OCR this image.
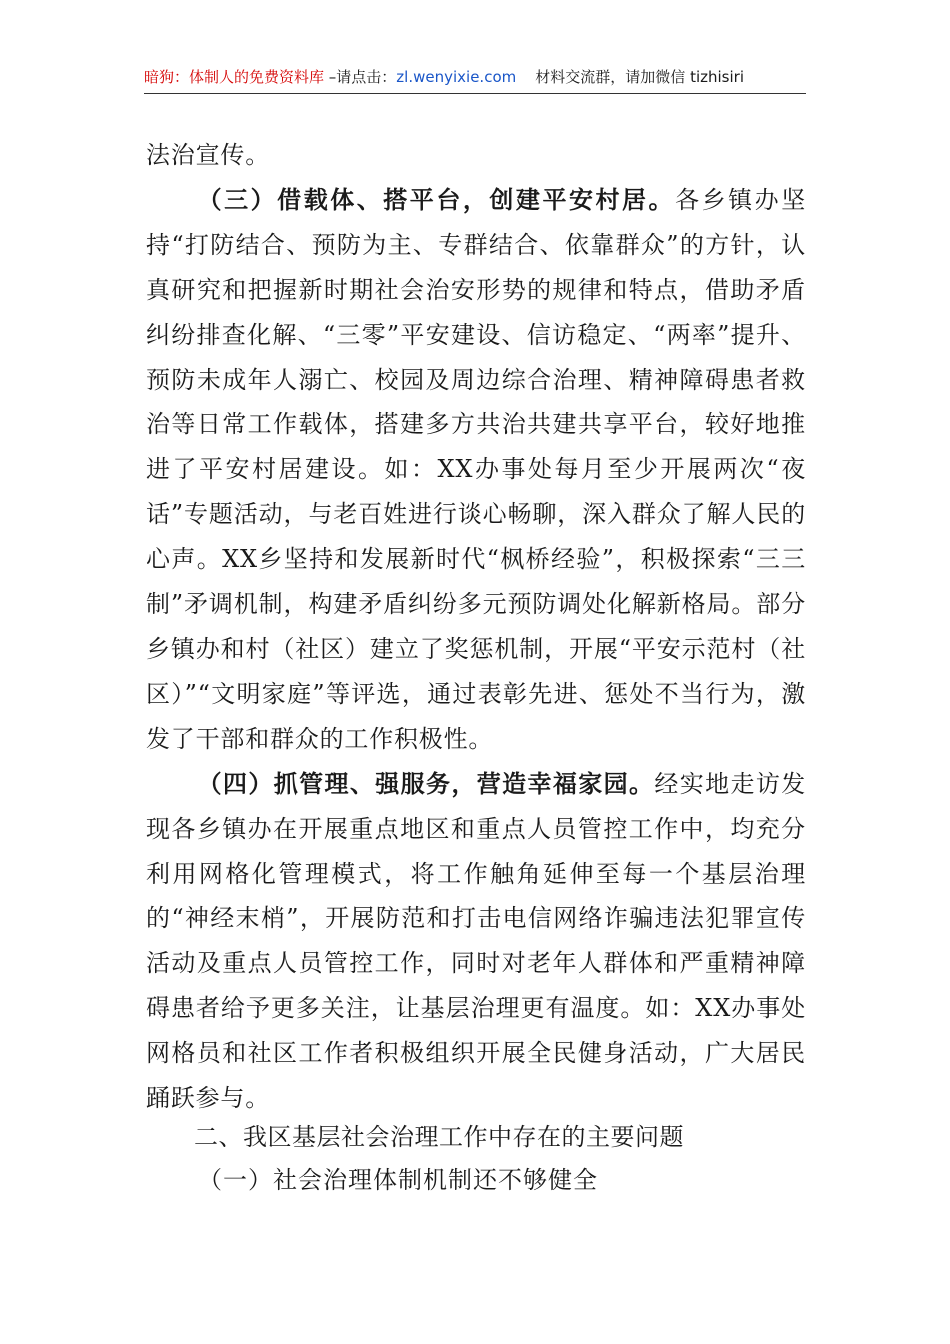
暗狗：体制人的免费资料库 –请点击：zl.wenyixie.com    材料交流群，请加微信 tizhisiri

法治宣传。

（三）借载体、搭平台，创建平安村居。各乡镇办坚持“打防结合、预防为主、专群结合、依靠群众”的方针，认真研究和把握新时期社会治安形势的规律和特点，借助矛盾纠纷排查化解、“三零”平安建设、信访稳定、“两率”提升、预防未成年人溺亡、校园及周边综合治理、精神障碍患者救治等日常工作载体，搭建多方共治共建共享平台，较好地推进了平安村居建设。如：XX办事处每月至少开展两次“夜话”专题活动，与老百姓进行谈心畅聊，深入群众了解人民的心声。XX乡坚持和发展新时代“枫桥经验”，积极探索“三三制”矛调机制，构建矛盾纠纷多元预防调处化解新格局。部分乡镇办和村（社区）建立了奖惩机制，开展“平安示范村（社区）”“文明家庭”等评选，通过表彰先进、惩处不当行为，激发了干部和群众的工作积极性。

（四）抓管理、强服务，营造幸福家园。经实地走访发现各乡镇办在开展重点地区和重点人员管控工作中，均充分利用网格化管理模式，将工作触角延伸至每一个基层治理的“神经末梢”，开展防范和打击电信网络诈骗违法犯罪宣传活动及重点人员管控工作，同时对老年人群体和严重精神障碍患者给予更多关注，让基层治理更有温度。如：XX办事处网格员和社区工作者积极组织开展全民健身活动，广大居民踊跃参与。

二、我区基层社会治理工作中存在的主要问题
（一）社会治理体制机制还不够健全
